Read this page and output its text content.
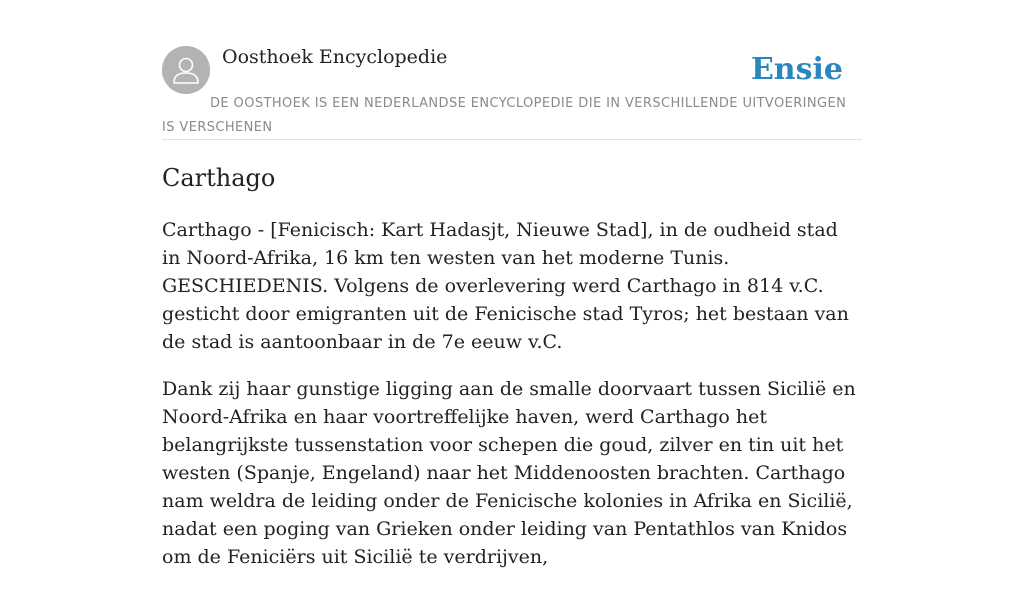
Oosthoek Encyclopedie	Ensie
DE OOSTHOEK IS EEN NEDERLANDSE ENCYCLOPEDIE DIE IN VERSCHILLENDE UITVOERINGEN IS VERSCHENEN
Carthago

Carthago - [Fenicisch: Kart Hadasjt, Nieuwe Stad], in de oudheid stad in Noord-Afrika, 16 km ten westen van het moderne Tunis. GESCHIEDENIS. Volgens de overlevering werd Carthago in 814 v.C. gesticht door emigranten uit de Fenicische stad Tyros; het bestaan van de stad is aantoonbaar in de 7e eeuw v.C.

Dank zij haar gunstige ligging aan de smalle doorvaart tussen Sicilië en Noord-Afrika en haar voortreffelijke haven, werd Carthago het belangrijkste tussenstation voor schepen die goud, zilver en tin uit het westen (Spanje, Engeland) naar het Middenoosten brachten. Carthago nam weldra de leiding onder de Fenicische kolonies in Afrika en Sicilië, nadat een poging van Grieken onder leiding van Pentathlos van Knidos om de Feniciërs uit Sicilië te verdrijven,
